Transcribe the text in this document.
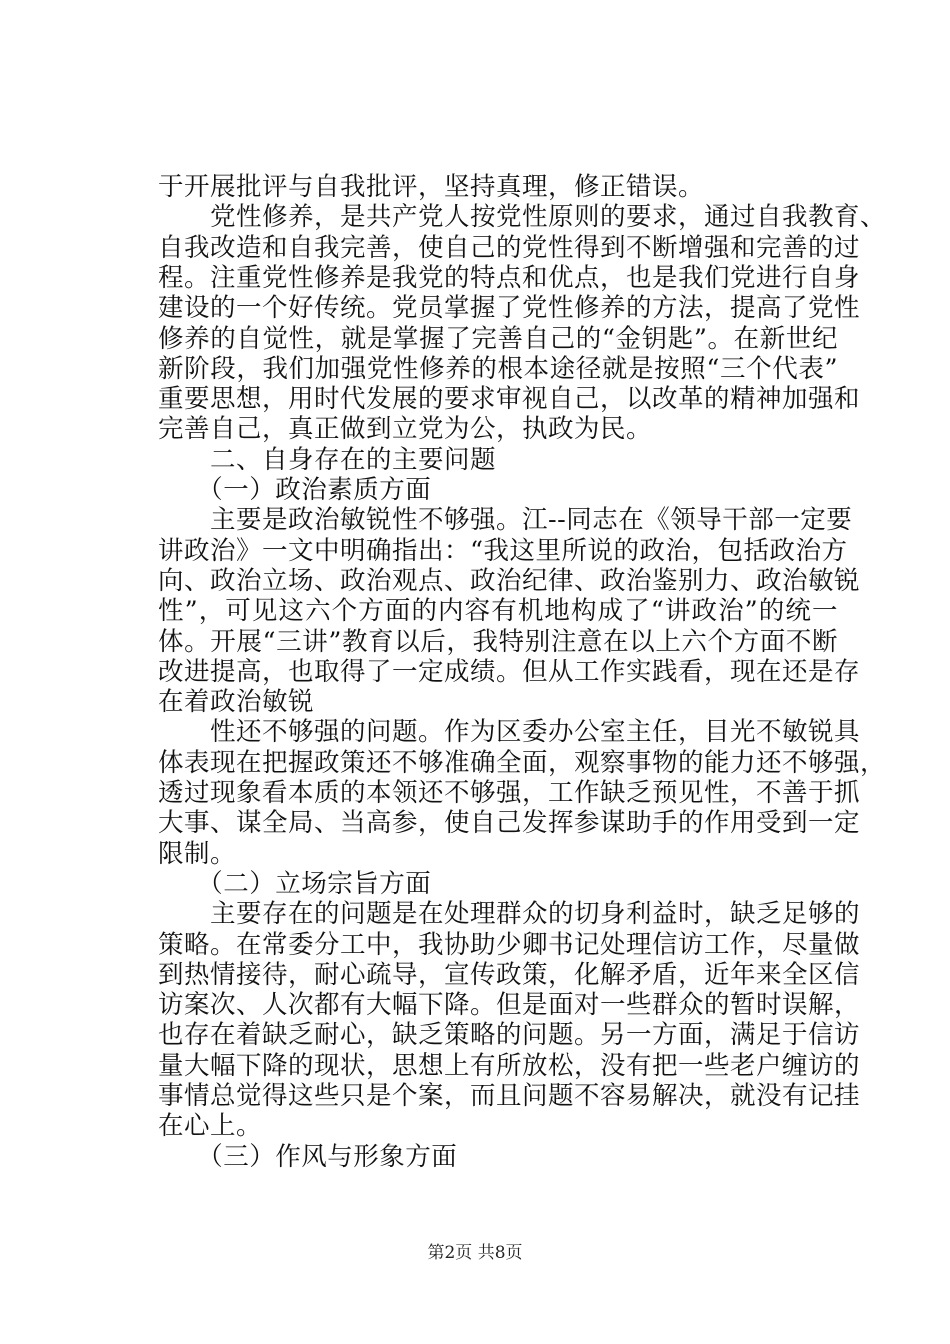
于开展批评与自我批评，坚持真理，修正错误。
　　党性修养，是共产党人按党性原则的要求，通过自我教育、
自我改造和自我完善，使自己的党性得到不断增强和完善的过
程。注重党性修养是我党的特点和优点，也是我们党进行自身
建设的一个好传统。党员掌握了党性修养的方法，提高了党性
修养的自觉性，就是掌握了完善自己的“金钥匙”。在新世纪
新阶段，我们加强党性修养的根本途径就是按照“三个代表”
重要思想，用时代发展的要求审视自己，以改革的精神加强和
完善自己，真正做到立党为公，执政为民。
　　二、自身存在的主要问题
　　（一）政治素质方面
　　主要是政治敏锐性不够强。江--同志在《领导干部一定要
讲政治》一文中明确指出：“我这里所说的政治，包括政治方
向、政治立场、政治观点、政治纪律、政治鉴别力、政治敏锐
性”，可见这六个方面的内容有机地构成了“讲政治”的统一
体。开展“三讲”教育以后，我特别注意在以上六个方面不断
改进提高，也取得了一定成绩。但从工作实践看，现在还是存
在着政治敏锐
　　性还不够强的问题。作为区委办公室主任，目光不敏锐具
体表现在把握政策还不够准确全面，观察事物的能力还不够强，
透过现象看本质的本领还不够强，工作缺乏预见性，不善于抓
大事、谋全局、当高参，使自己发挥参谋助手的作用受到一定
限制。
　　（二）立场宗旨方面
　　主要存在的问题是在处理群众的切身利益时，缺乏足够的
策略。在常委分工中，我协助少卿书记处理信访工作，尽量做
到热情接待，耐心疏导，宣传政策，化解矛盾，近年来全区信
访案次、人次都有大幅下降。但是面对一些群众的暂时误解，
也存在着缺乏耐心，缺乏策略的问题。另一方面，满足于信访
量大幅下降的现状，思想上有所放松，没有把一些老户缠访的
事情总觉得这些只是个案，而且问题不容易解决，就没有记挂
在心上。
　　（三）作风与形象方面
第2页 共8页
